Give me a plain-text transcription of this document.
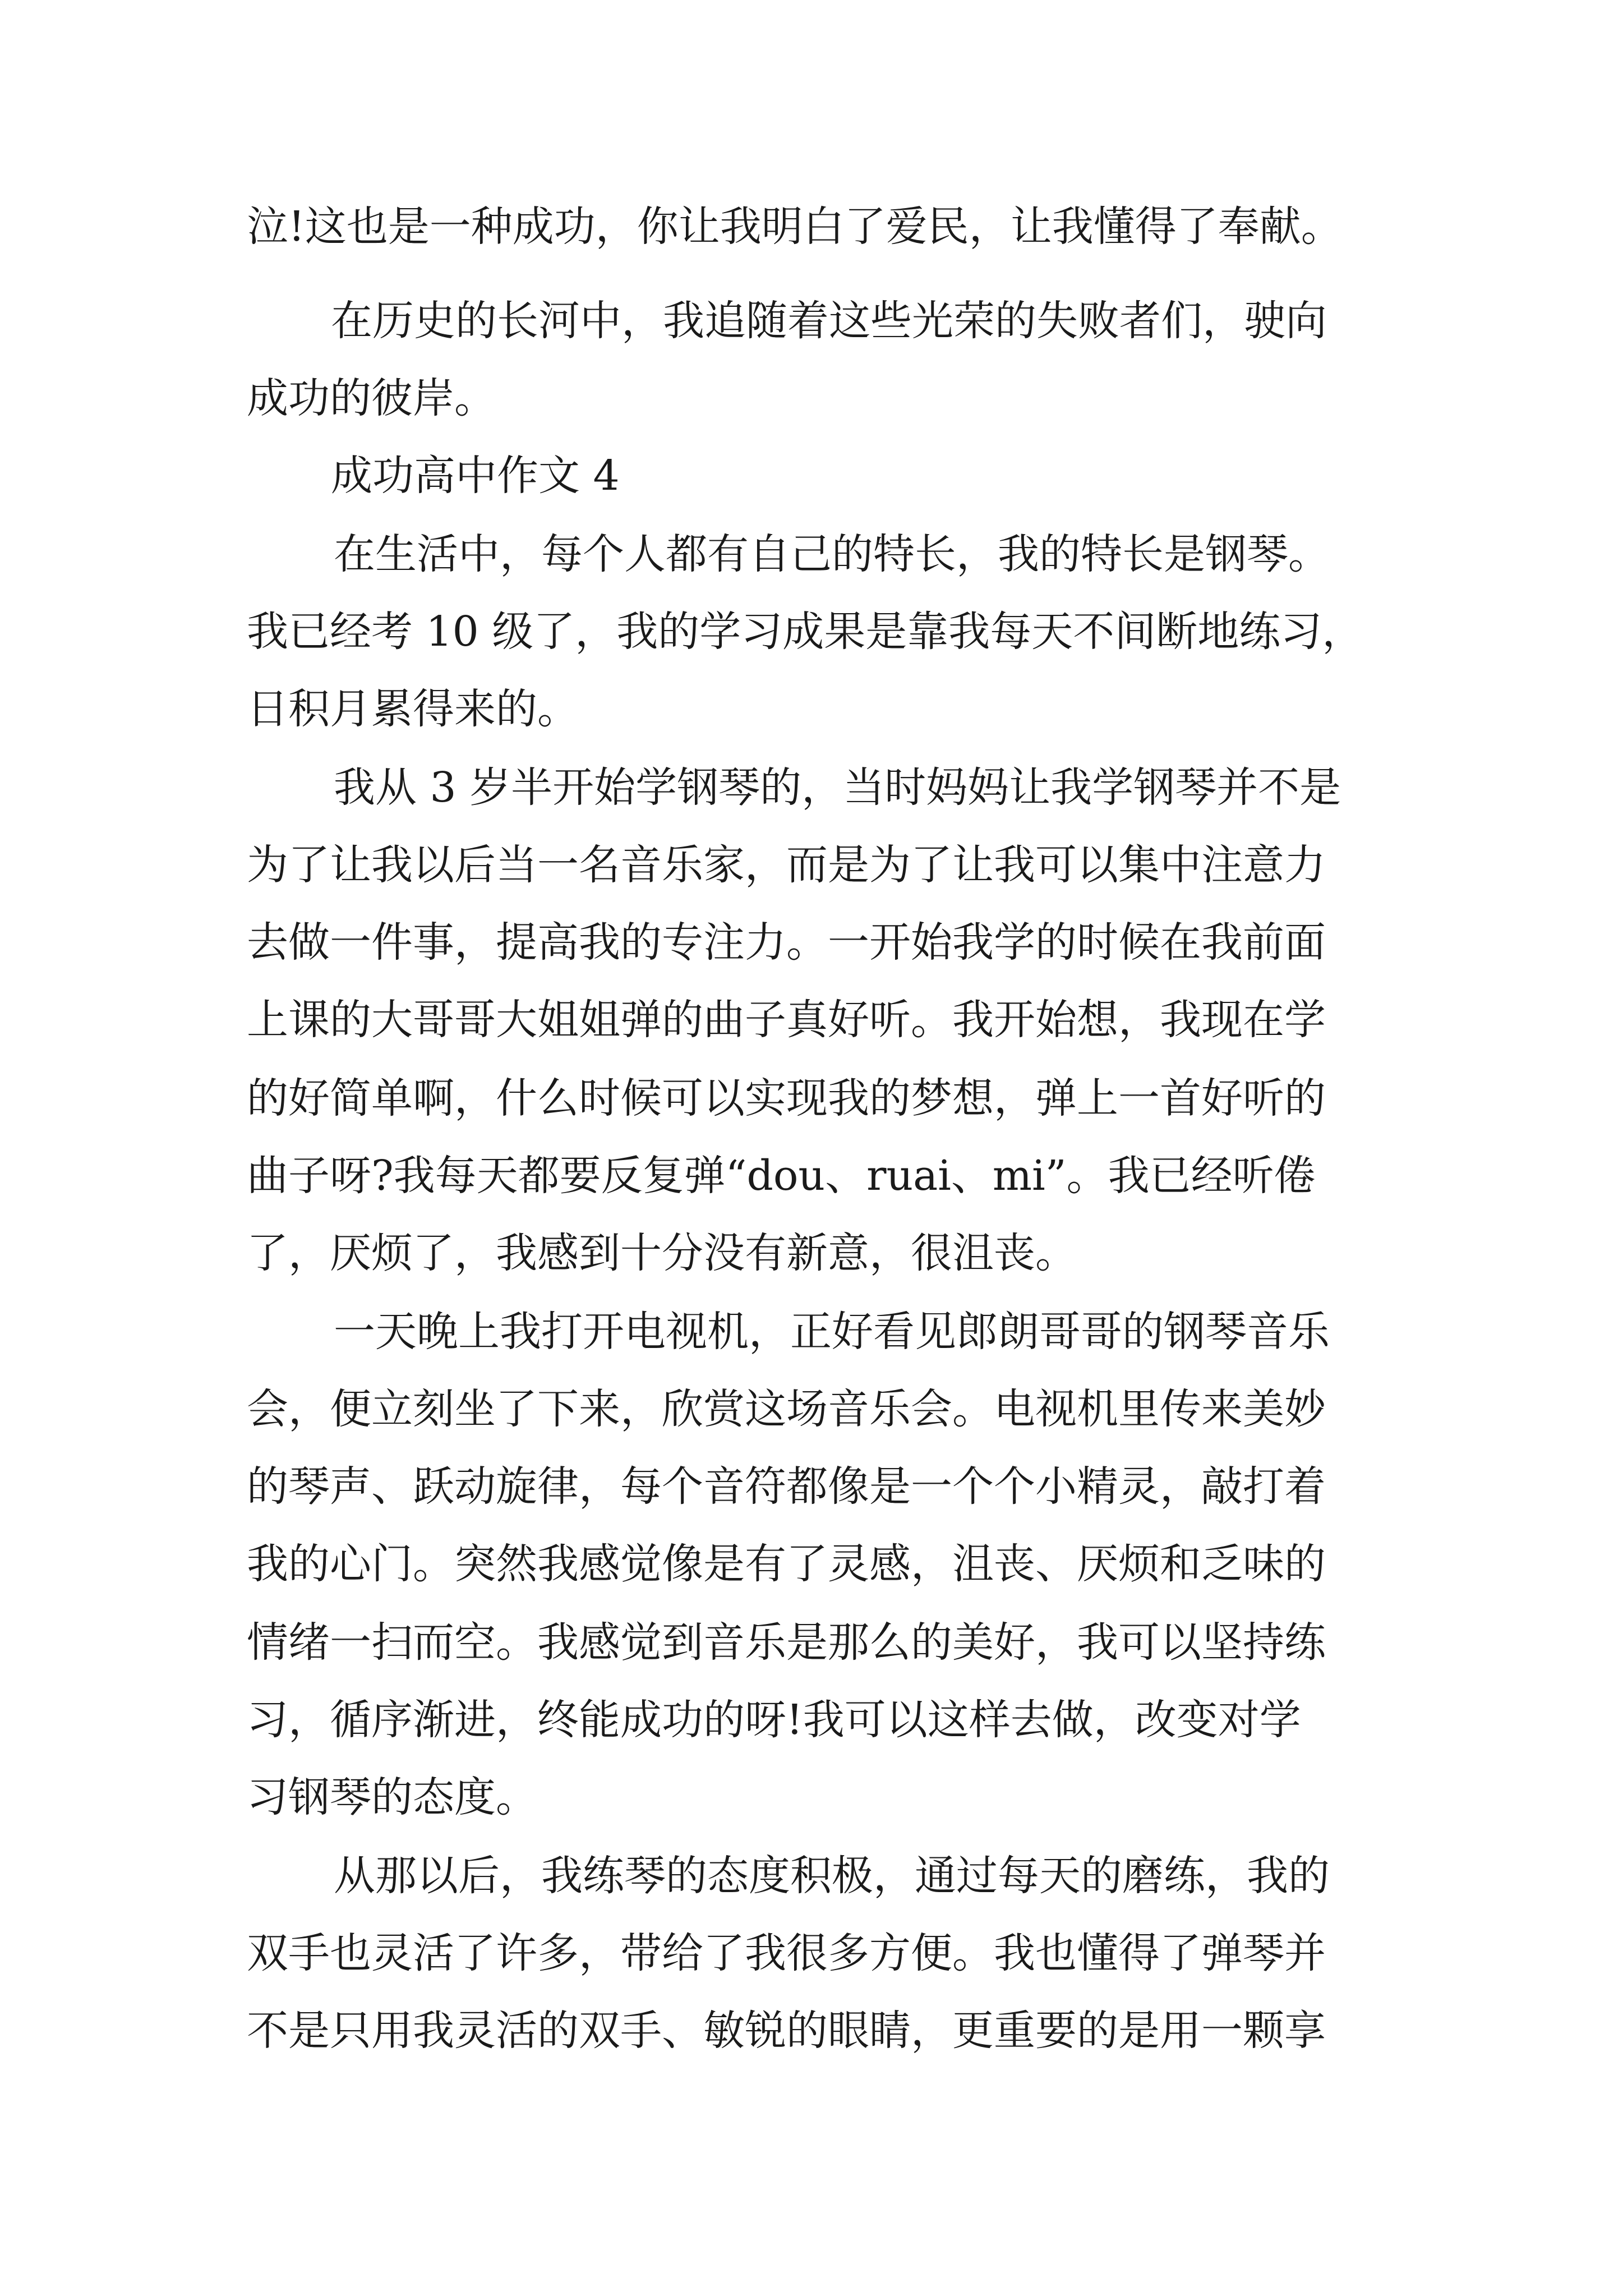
泣!这也是一种成功，你让我明白了爱民，让我懂得了奉献。

在历史的长河中，我追随着这些光荣的失败者们，驶向

成功的彼岸。

成功高中作文 4

在生活中，每个人都有自己的特长，我的特长是钢琴。

我已经考 10 级了，我的学习成果是靠我每天不间断地练习，

日积月累得来的。

我从 3 岁半开始学钢琴的，当时妈妈让我学钢琴并不是

为了让我以后当一名音乐家，而是为了让我可以集中注意力

去做一件事，提高我的专注力。一开始我学的时候在我前面

上课的大哥哥大姐姐弹的曲子真好听。我开始想，我现在学

的好简单啊，什么时候可以实现我的梦想，弹上一首好听的

曲子呀?我每天都要反复弹“dou、ruai、mi”。我已经听倦

了，厌烦了，我感到十分没有新意，很沮丧。

一天晚上我打开电视机，正好看见郎朗哥哥的钢琴音乐

会，便立刻坐了下来，欣赏这场音乐会。电视机里传来美妙

的琴声、跃动旋律，每个音符都像是一个个小精灵，敲打着

我的心门。突然我感觉像是有了灵感，沮丧、厌烦和乏味的

情绪一扫而空。我感觉到音乐是那么的美好，我可以坚持练

习，循序渐进，终能成功的呀!我可以这样去做，改变对学

习钢琴的态度。

从那以后，我练琴的态度积极，通过每天的磨练，我的

双手也灵活了许多，带给了我很多方便。我也懂得了弹琴并

不是只用我灵活的双手、敏锐的眼睛，更重要的是用一颗享
